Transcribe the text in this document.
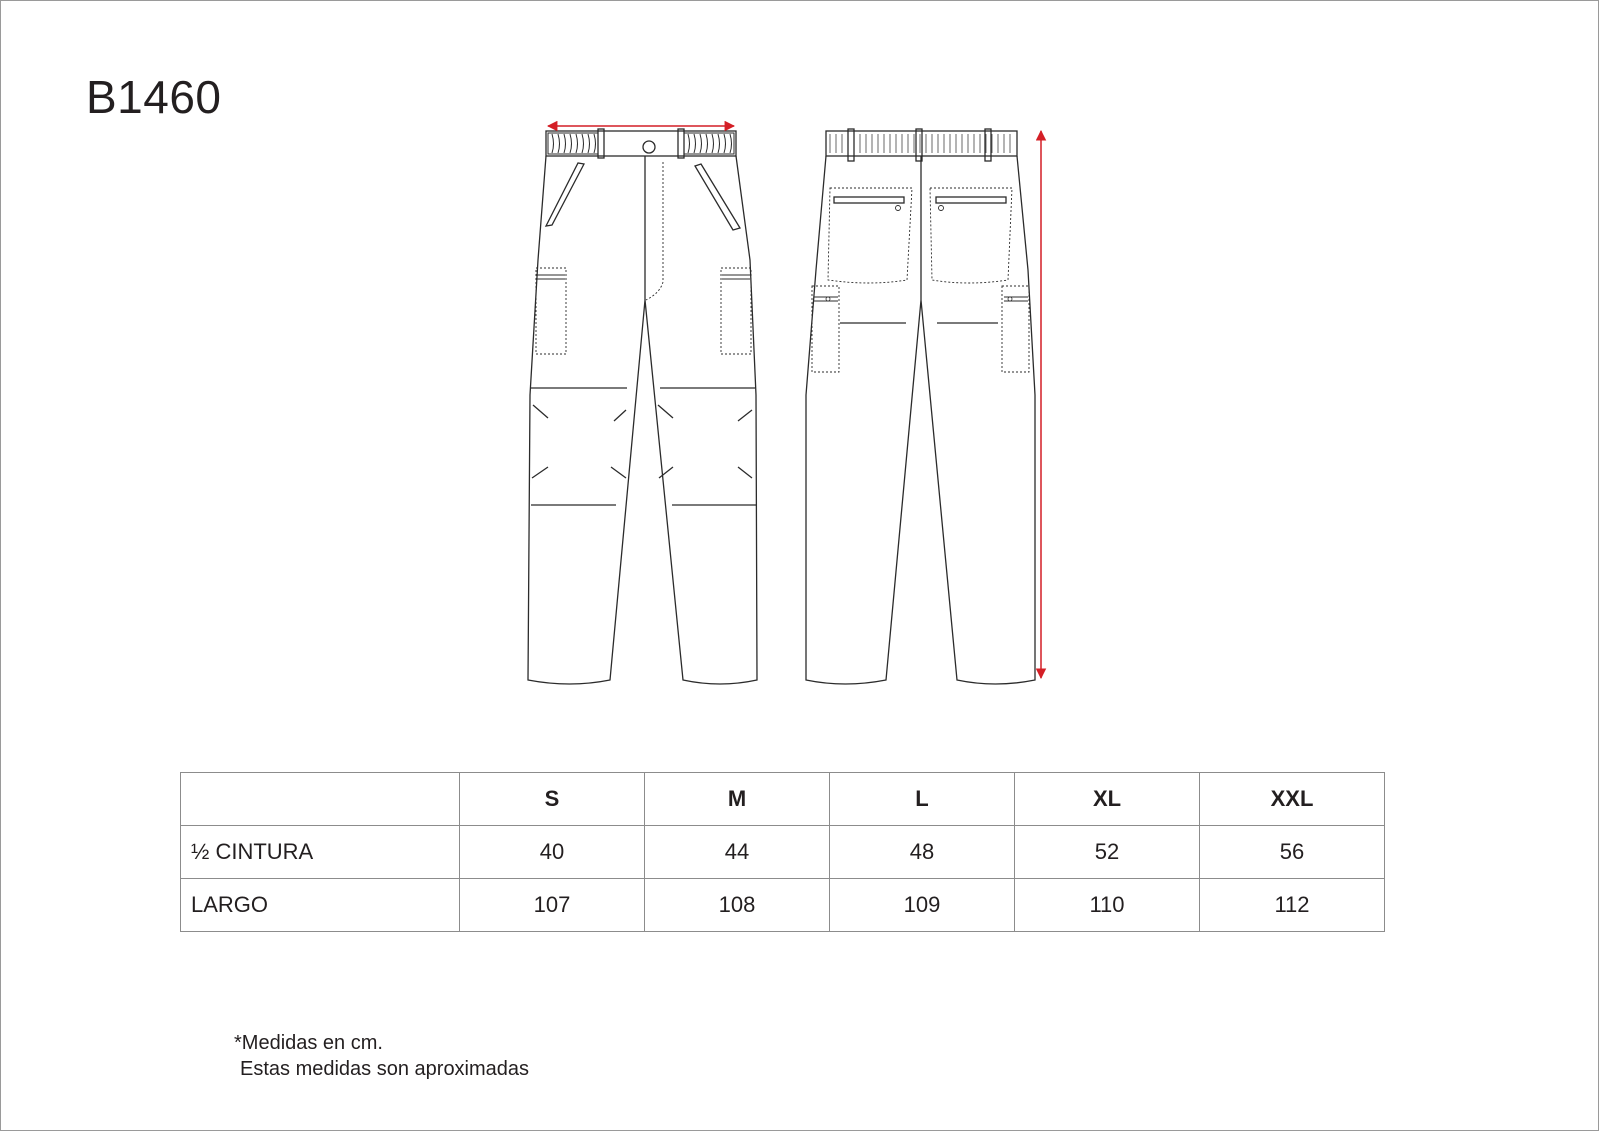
B1460
	S	M	L	XL	XXL
½ CINTURA	40	44	48	52	56
LARGO	107	108	109	110	112
*Medidas en cm.
Estas medidas son aproximadas
